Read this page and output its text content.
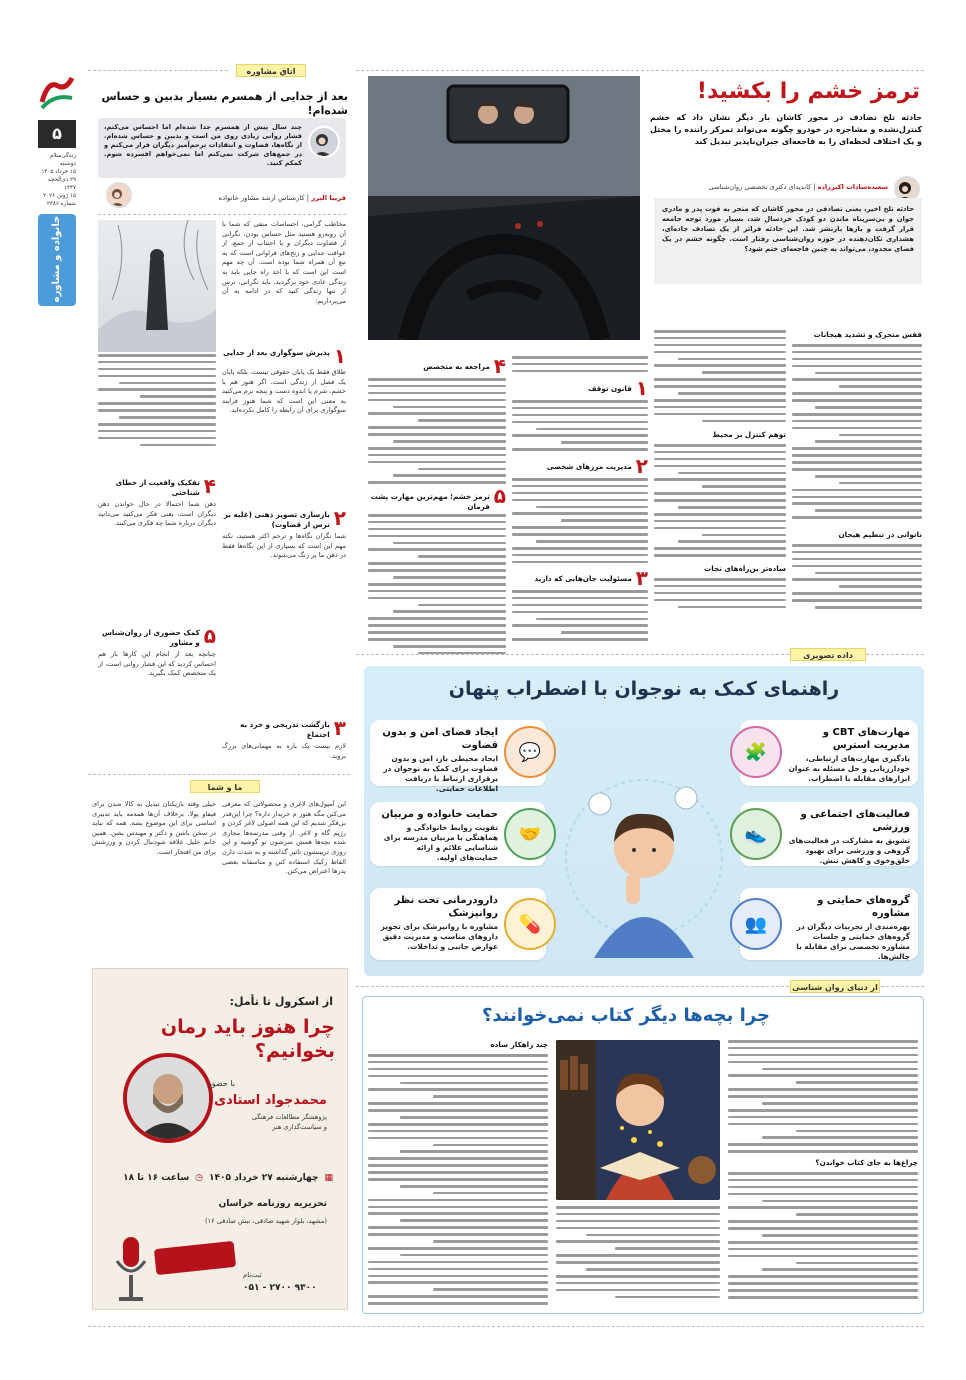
۵
زندگی‌سلام
دوشنبه
۱۵ خرداد ۱۴۰۵
۲۹ ذی‌الحجه ۱۴۴۷
۱۵ ژوئن ۲۰۲۶
شماره ۲۳۸۶
خانواده و مشاوره
اتاق مشاوره
بعد از جدایی از همسرم بسیار بدبین و حساس شده‌ام!
چند سال پیش از همسرم جدا شده‌ام اما احساس می‌کنم، فشار روانی زیادی روی من است و بدبین و حساس شده‌ام. از نگاه‌ها، قضاوت و انتقادات ترحم‌آمیز دیگران فرار می‌کنم و در جمع‌های شرکت نمی‌کنم اما نمی‌خواهم افسرده شوم. کمکم کنید.
فریبا البرز | کارشناس ارشد مشاور خانواده
مخاطب گرامی، احساسات منفی که شما با آن روبه‌رو هستید مثل حساس بودن، نگرانی از قضاوت دیگران و یا احتناب از جمع، از عواقب جدایی و رنج‌های فراوانی است که به تبع آن همراه شما بوده است. آن چه مهم است این است که با اخذ راه جایی باید به زندگی عادی خود برگردید. باید نگرانی، ترس از تنها زندگی کنید که در ادامه به آن می‌پردازیم:
۱
پذیرش سوگواری بعد از جدایی
طلاق فقط یک پایان حقوقی نیست، بلکه پایان یک فصل از زندگی است. اگر هنوز هم با خشم، شرم یا اندوه دست و پنجه نرم می‌کنید به معنی این است که شما هنوز فرایند سوگواری برای آن رابطه را کامل نکرده‌اید.
۲
بازسازی تصویر ذهنی (غلبه بر ترس از قضاوت)
شما نگران نگاه‌ها و ترحم اکثر هستید، نکته مهم این است که بسیاری از این نگاه‌ها فقط در ذهن ما پر رنگ می‌شوند.
۳
بازگشت تدریجی و خرد به اجتماع
لازم نیست یک باره به مهمانی‌های بزرگ بروید.
۴
تفکیک واقعیت از خطای شناختی
ذهن شما احتمالا در حال خواندن ذهن دیگران است، یعنی فکر می‌کنید می‌دانید دیگران درباره شما چه فکری می‌کنند.
۵
کمک حضوری از روان‌شناس و مشاور
چنانچه بعد از انجام این کارها باز هم احساس کردید که این فشار روانی است، از یک متخصص کمک بگیرید.
ما و شما
این آمپول‌های لاغری و محصولاتی که معرفی می‌کنن مگه هنوز م خریدار داره؟ چرا این‌قدر بی‌فکر شدیم که این همه اصولی لاغر کردن و رژیم گاه و لاغر. از وقتی مدرسه‌ها مجازی شده بچه‌ها همش سرشون تو گوشیه و این روزی تربیتشون تاثیر گذاشته و به شدت دارن الفاظ رکیک استفاده کنن و متاسفانه بعضی پدرها اعتراض می‌کنن.
خیلی وقته بازیکنان تبدیل به کالا شدن برای فیفاو پولا. برخلاف آن‌ها همه‌مه باید تدبیری اساسی برای این موضوع بشه. همه که نباید در سخن باشن و دکتر و مهندس بشن. همین خانم خلیل علاقه شودنبال کردن و ورزشش برای من افتخار است.
از اسکرول تا تأمل:
چرا هنوز باید رمان بخوانیم؟
با حضور
محمدجواد استادی
پژوهشگر مطالعات فرهنگی
و سیاست‌گذاری هنر
▦
چهارشنبه ۲۷ خرداد ۱۴۰۵
◷
ساعت ۱۶ تا ۱۸
تحریریه روزنامه خراسان
(مشهد، بلوار شهید صادقی، نبش صادقی ۱۶)
ثبت‌نام
۹۳۰۰ ۲۷۰۰ - ۰۵۱
ترمز خشم را بکشید!
حادثه تلخ تصادف در محور کاشان بار دیگر نشان داد که خشم کنترل‌نشده و مشاجره در خودرو چگونه می‌تواند تمرکز راننده را مختل و یک اختلاف لحظه‌ای را به فاجعه‌ای جبران‌ناپذیر تبدیل کند
سعیده‌سادات اکبرزاده | کاندیدای دکتری تخصصی روان‌شناسی
حادثه تلخ اخیر، یعنی تصادفی در محور کاشان که منجر به فوت پدر و مادری جوان و بی‌سرپناه ماندن دو کودک خردسال شد، بسیار مورد توجه جامعه قرار گرفت و بارها بازنشر شد. این حادثه فراتر از یک تصادف جاده‌ای، هشداری تکان‌دهنده در حوزه روان‌شناسی رفتار است. چگونه خشم در یک فضای محدود، می‌تواند به چنین فاجعه‌ای ختم شود؟
قفس متحرک و تشدید هیجانات
ناتوانی در تنظیم هیجان
توهم کنترل بر محیط
ساده‌تر بن‌راه‌های نجات
۱
قانون توقف
۲
مدیریت مرزهای شخصی
۳
مسئولیت جان‌هایی که دارید
۴
مراجعه به متخصص
۵
ترمز خشم؛ مهم‌ترین مهارت پشت فرمان
داده تصویری
راهنمای کمک به نوجوان با اضطراب پنهان
🧩
مهارت‌های CBT و مدیریت استرس

یادگیری مهارت‌های ارتباطی، خودارزیابی و حل مسئله به عنوان ابزارهای مقابله با اضطراب.

💬
ایجاد فضای امن و بدون قضاوت

ایجاد محیطی باز، امن و بدون قضاوت برای کمک به نوجوان در برقراری ارتباط با دریافت اطلاعات حمایتی.

👟
فعالیت‌های اجتماعی و ورزشی

تشویق به مشارکت در فعالیت‌های گروهی و ورزشی برای بهبود خلق‌وخوی و کاهش تنش.

🤝
حمایت خانواده و مربیان

تقویت روابط خانوادگی و هماهنگی با مربیان مدرسه برای شناسایی علائم و ارائه حمایت‌های اولیه.

👥
گروه‌های حمایتی و مشاوره

بهره‌مندی از تجربیات دیگران در گروه‌های حمایتی و جلسات مشاوره تخصصی برای مقابله با چالش‌ها.

💊
دارودرمانی تحت نظر روانپزشک

مشاوره با روانپزشک برای تجویز داروهای مناسب و مدیریت دقیق عوارض جانبی و تداخلات.

از دنیای روان شناسی
چرا بچه‌ها دیگر کتاب نمی‌خوانند؟
چراغ‌ها به جای کتاب خواندن؟
چند راهکار ساده
